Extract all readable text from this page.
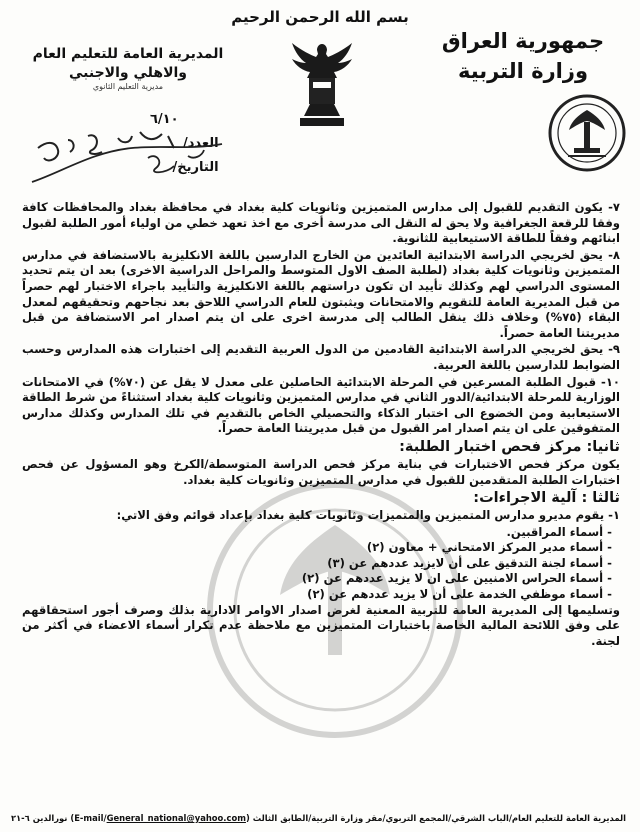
بسم الله الرحمن الرحيم
جمهورية العراق
وزارة التربية
المديرية العامة للتعليم العام
والاهلي والاجنبي
مديرية التعليم الثانوي
٦/١٠
العدد/
التاريخ/
٧- يكون التقديم للقبول إلى مدارس المتميزين وثانويات كلية بغداد في محافظة بغداد والمحافظات كافة وفقا للرقعة الجغرافية ولا يحق له النقل الى مدرسة أخرى مع اخذ تعهد خطي من اولياء أمور الطلبة لقبول ابنائهم وفقاً للطاقة الاستيعابية للثانوية.
٨- يحق لخريجي الدراسة الابتدائية العائدين من الخارج الدارسين باللغة الانكليزية بالاستضافة في مدارس المتميزين وثانويات كلية بغداد (لطلبة الصف الاول المتوسط والمراحل الدراسية الاخرى) بعد ان يتم تحديد المستوى الدراسي لهم وكذلك تأييد ان تكون دراستهم باللغة الانكليزية والتأييد باجراء الاختبار لهم حصراً من قبل المديرية العامة للتقويم والامتحانات ويثبتون للعام الدراسي اللاحق بعد نجاحهم وتحقيقهم لمعدل البقاء (٧٥%) وخلاف ذلك ينقل الطالب إلى مدرسة اخرى على ان يتم اصدار امر الاستضافة من قبل مديريتنا العامة حصراً.
٩- يحق لخريجي الدراسة الابتدائية القادمين من الدول العربية التقديم إلى اختبارات هذه المدارس وحسب الضوابط للدارسين باللغة العربية.
١٠- قبول الطلبة المسرعين في المرحلة الابتدائية الحاصلين على معدل لا يقل عن (٧٠%) في الامتحانات الوزارية للمرحلة الابتدائية/الدور الثاني في مدارس المتميزين وثانويات كلية بغداد استثناءً من شرط الطاقة الاستيعابية ومن الخضوع الى اختبار الذكاء والتحصيلي الخاص بالتقديم في تلك المدارس وكذلك مدارس المتفوقين على ان يتم اصدار امر القبول من قبل مديريتنا العامة حصراً.
ثانيا: مركز فحص اختبار الطلبة:
يكون مركز فحص الاختبارات في بناية مركز فحص الدراسة المتوسطة/الكرخ وهو المسؤول عن فحص اختبارات الطلبة المتقدمين للقبول في مدارس المتميزين وثانويات كلية بغداد.
ثالثا : آلية الاجراءات:
١- يقوم مديرو مدارس المتميزين والمتميزات وثانويات كلية بغداد بإعداد قوائم وفق الاتي:
- أسماء المراقبين.
- أسماء مدير المركز الامتحاني + معاون (٢)
- أسماء لجنة التدقيق على أن لايزيد عددهم عن (٣)
- أسماء الحراس الامنيين على ان لا يزيد عددهم عن (٢)
- أسماء موظفي الخدمة على أن لا يزيد عددهم عن (٢)
وتسليمها إلى المديرية العامة للتربية المعنية لغرض اصدار الاوامر الادارية بذلك وصرف أجور استحقاقهم على وفق اللائحة المالية الخاصة باختبارات المتميزين مع ملاحظة عدم تكرار أسماء الاعضاء في أكثر من لجنة.
المديرية العامة للتعليم العام/الباب الشرقي/المجمع التربوي/مقر وزارة التربية/الطابق الثالث (E-mail/General_national@yahoo.com) نورالدين ٦-٢١
